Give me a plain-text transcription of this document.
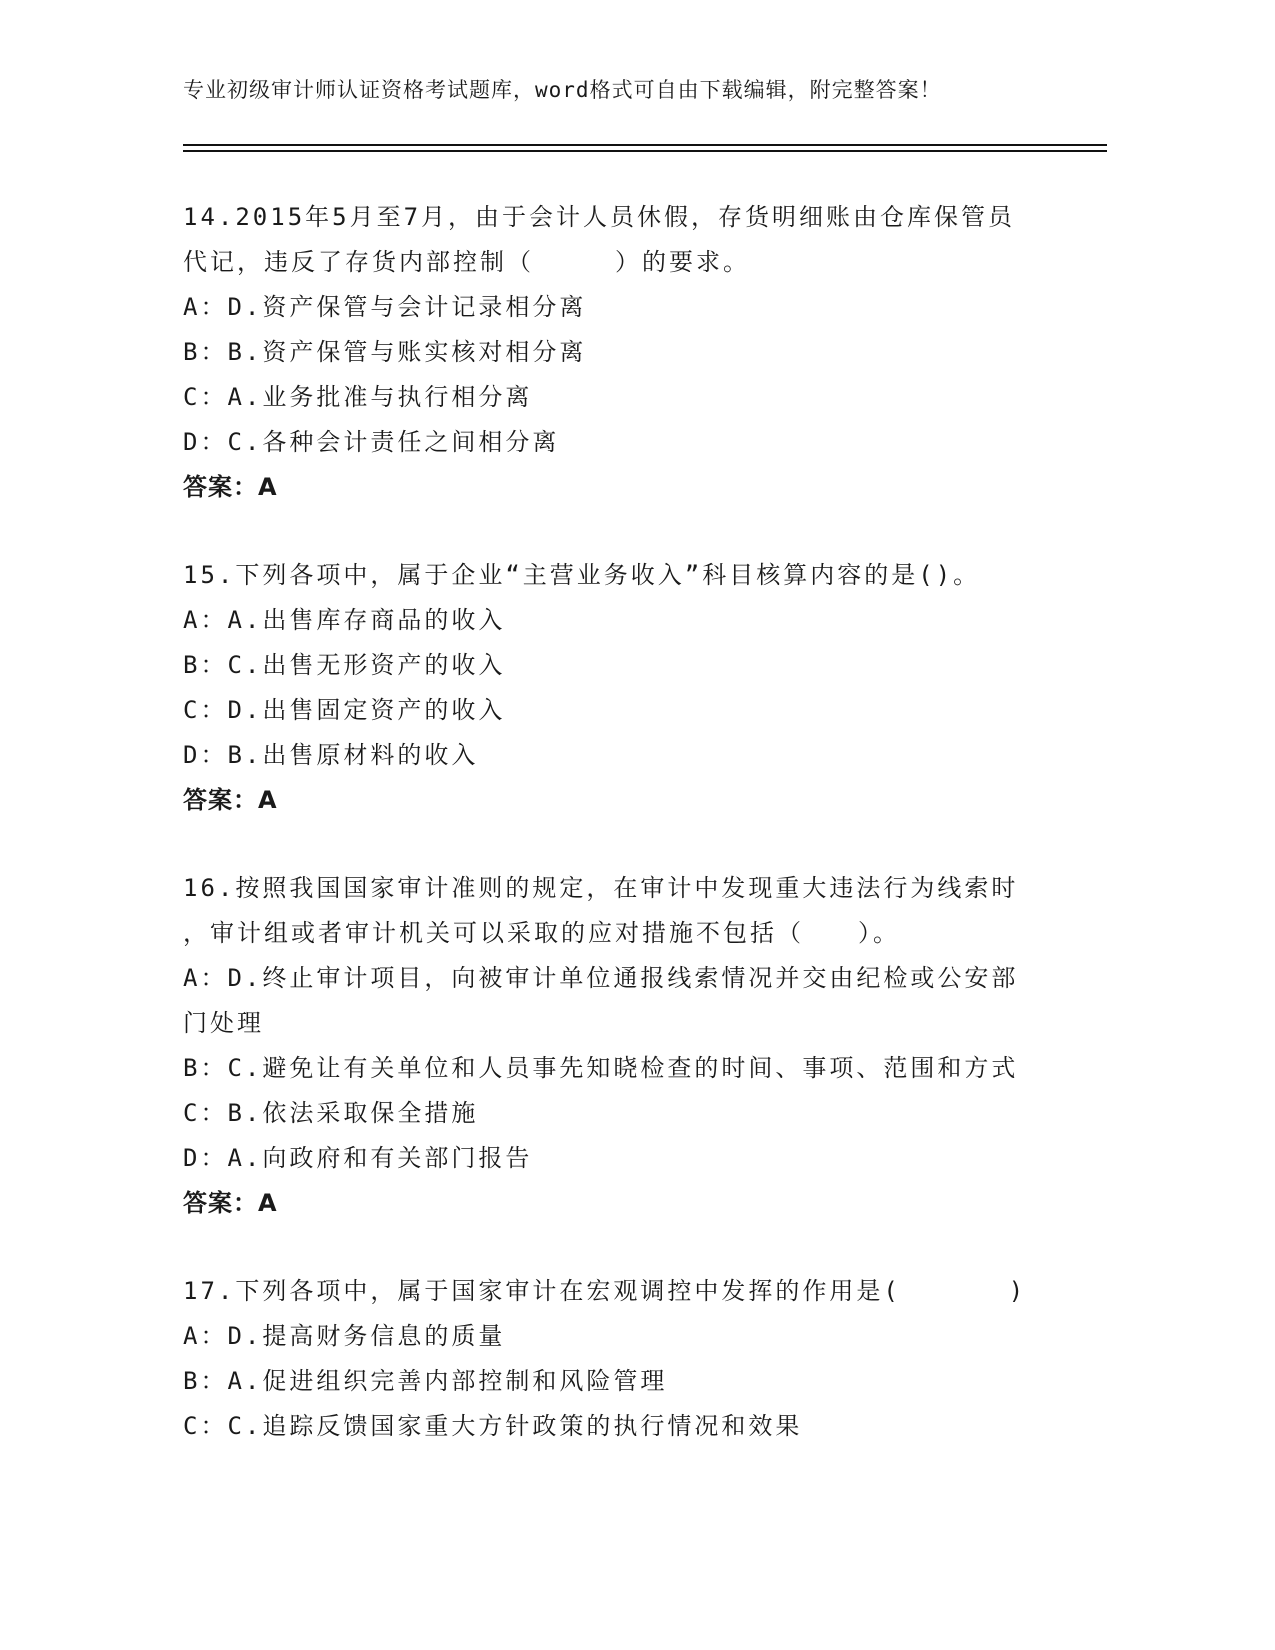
专业初级审计师认证资格考试题库，word格式可自由下载编辑，附完整答案！
14.2015年5月至7月，由于会计人员休假，存货明细账由仓库保管员
代记，违反了存货内部控制（　　　）的要求。
A：D.资产保管与会计记录相分离
B：B.资产保管与账实核对相分离
C：A.业务批准与执行相分离
D：C.各种会计责任之间相分离
答案：A
15.下列各项中，属于企业“主营业务收入”科目核算内容的是()。
A：A.出售库存商品的收入
B：C.出售无形资产的收入
C：D.出售固定资产的收入
D：B.出售原材料的收入
答案：A
16.按照我国国家审计准则的规定，在审计中发现重大违法行为线索时
，审计组或者审计机关可以采取的应对措施不包括（　　）。
A：D.终止审计项目，向被审计单位通报线索情况并交由纪检或公安部
门处理
B：C.避免让有关单位和人员事先知晓检查的时间、事项、范围和方式
C：B.依法采取保全措施
D：A.向政府和有关部门报告
答案：A
17.下列各项中，属于国家审计在宏观调控中发挥的作用是(　　　　)
A：D.提高财务信息的质量
B：A.促进组织完善内部控制和风险管理
C：C.追踪反馈国家重大方针政策的执行情况和效果
